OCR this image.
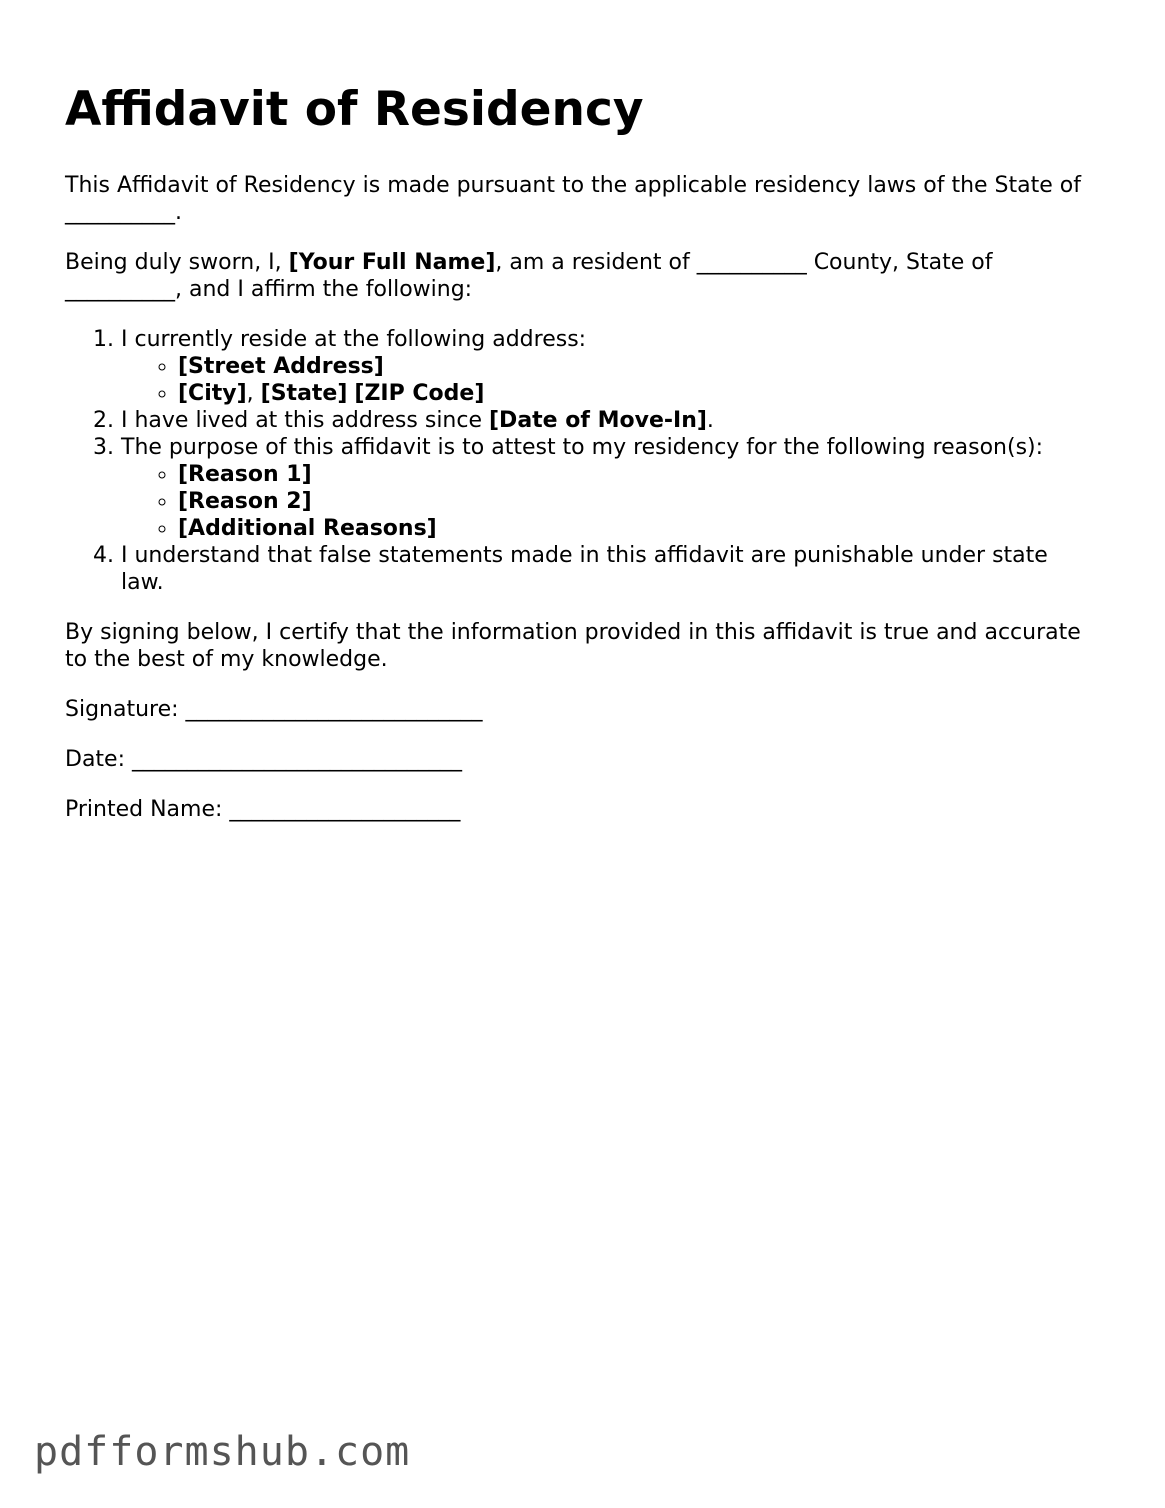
Affidavit of Residency

This Affidavit of Residency is made pursuant to the applicable residency laws of the State of __________.

Being duly sworn, I, [Your Full Name], am a resident of __________ County, State of __________, and I affirm the following:

1. I currently reside at the following address:
◦ [Street Address]
◦ [City], [State] [ZIP Code]
2. I have lived at this address since [Date of Move-In].
3. The purpose of this affidavit is to attest to my residency for the following reason(s):
◦ [Reason 1]
◦ [Reason 2]
◦ [Additional Reasons]
4. I understand that false statements made in this affidavit are punishable under state law.

By signing below, I certify that the information provided in this affidavit is true and accurate to the best of my knowledge.

Signature: ___________________________
Date: ______________________________
Printed Name: _____________________
pdfformshub.com
